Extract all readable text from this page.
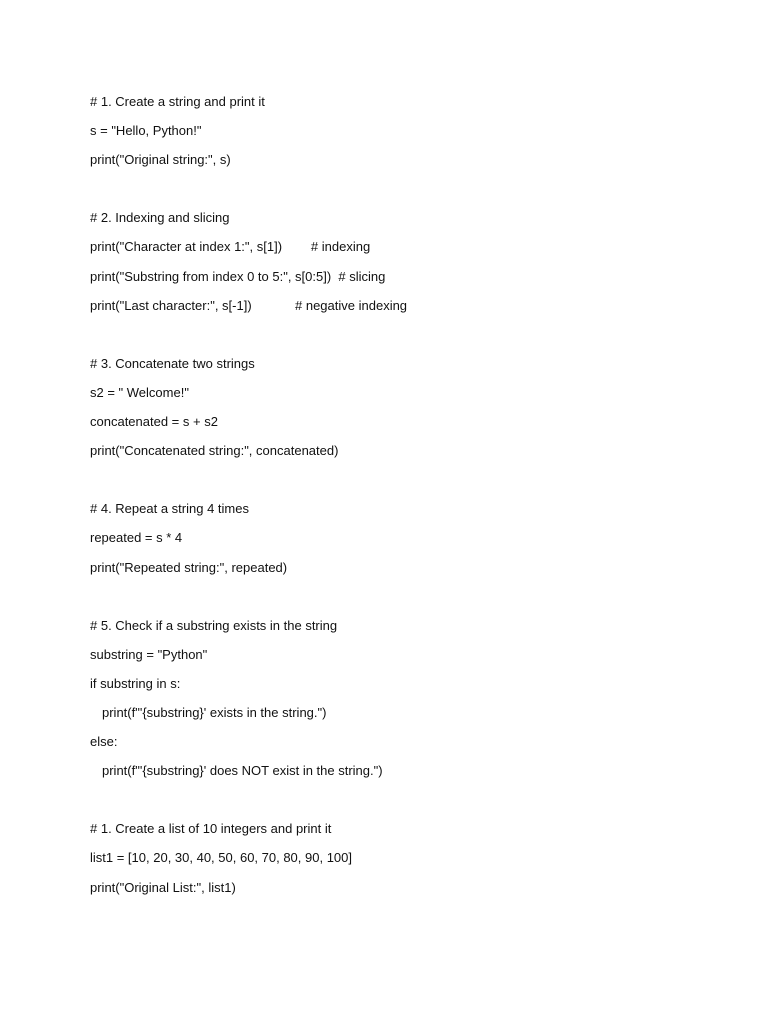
# 1. Create a string and print it

s = "Hello, Python!"

print("Original string:", s)

# 2. Indexing and slicing

print("Character at index 1:", s[1])        # indexing

print("Substring from index 0 to 5:", s[0:5])  # slicing

print("Last character:", s[-1])            # negative indexing

# 3. Concatenate two strings

s2 = " Welcome!"

concatenated = s + s2

print("Concatenated string:", concatenated)

# 4. Repeat a string 4 times

repeated = s * 4

print("Repeated string:", repeated)

# 5. Check if a substring exists in the string

substring = "Python"

if substring in s:

print(f"'{substring}' exists in the string.")

else:

print(f"'{substring}' does NOT exist in the string.")

# 1. Create a list of 10 integers and print it

list1 = [10, 20, 30, 40, 50, 60, 70, 80, 90, 100]

print("Original List:", list1)
